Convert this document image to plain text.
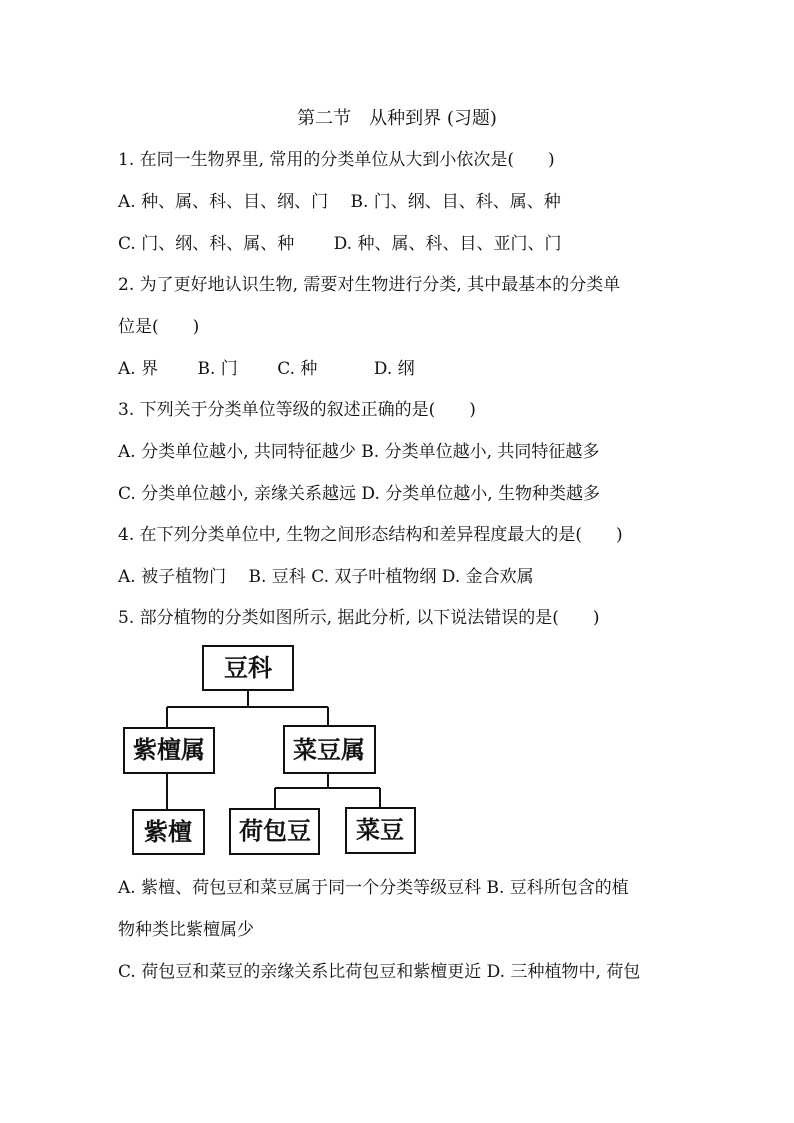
第二节　从种到界 (习题)
1. 在同一生物界里, 常用的分类单位从大到小依次是(　　)
A. 种、属、科、目、纲、门　 B. 门、纲、目、科、属、种
C. 门、纲、科、属、种　　 D. 种、属、科、目、亚门、门
2. 为了更好地认识生物, 需要对生物进行分类, 其中最基本的分类单
位是(　　)
A. 界　　 B. 门　　 C. 种　　　 D. 纲
3. 下列关于分类单位等级的叙述正确的是(　　)
A. 分类单位越小, 共同特征越少 B. 分类单位越小, 共同特征越多
C. 分类单位越小, 亲缘关系越远 D. 分类单位越小, 生物种类越多
4. 在下列分类单位中, 生物之间形态结构和差异程度最大的是(　　)
A. 被子植物门　 B. 豆科 C. 双子叶植物纲 D. 金合欢属
5. 部分植物的分类如图所示, 据此分析, 以下说法错误的是(　　)
豆科
紫檀属	菜豆属
紫檀 荷包豆 菜豆
A. 紫檀、荷包豆和菜豆属于同一个分类等级豆科 B. 豆科所包含的植
物种类比紫檀属少
C. 荷包豆和菜豆的亲缘关系比荷包豆和紫檀更近 D. 三种植物中, 荷包
